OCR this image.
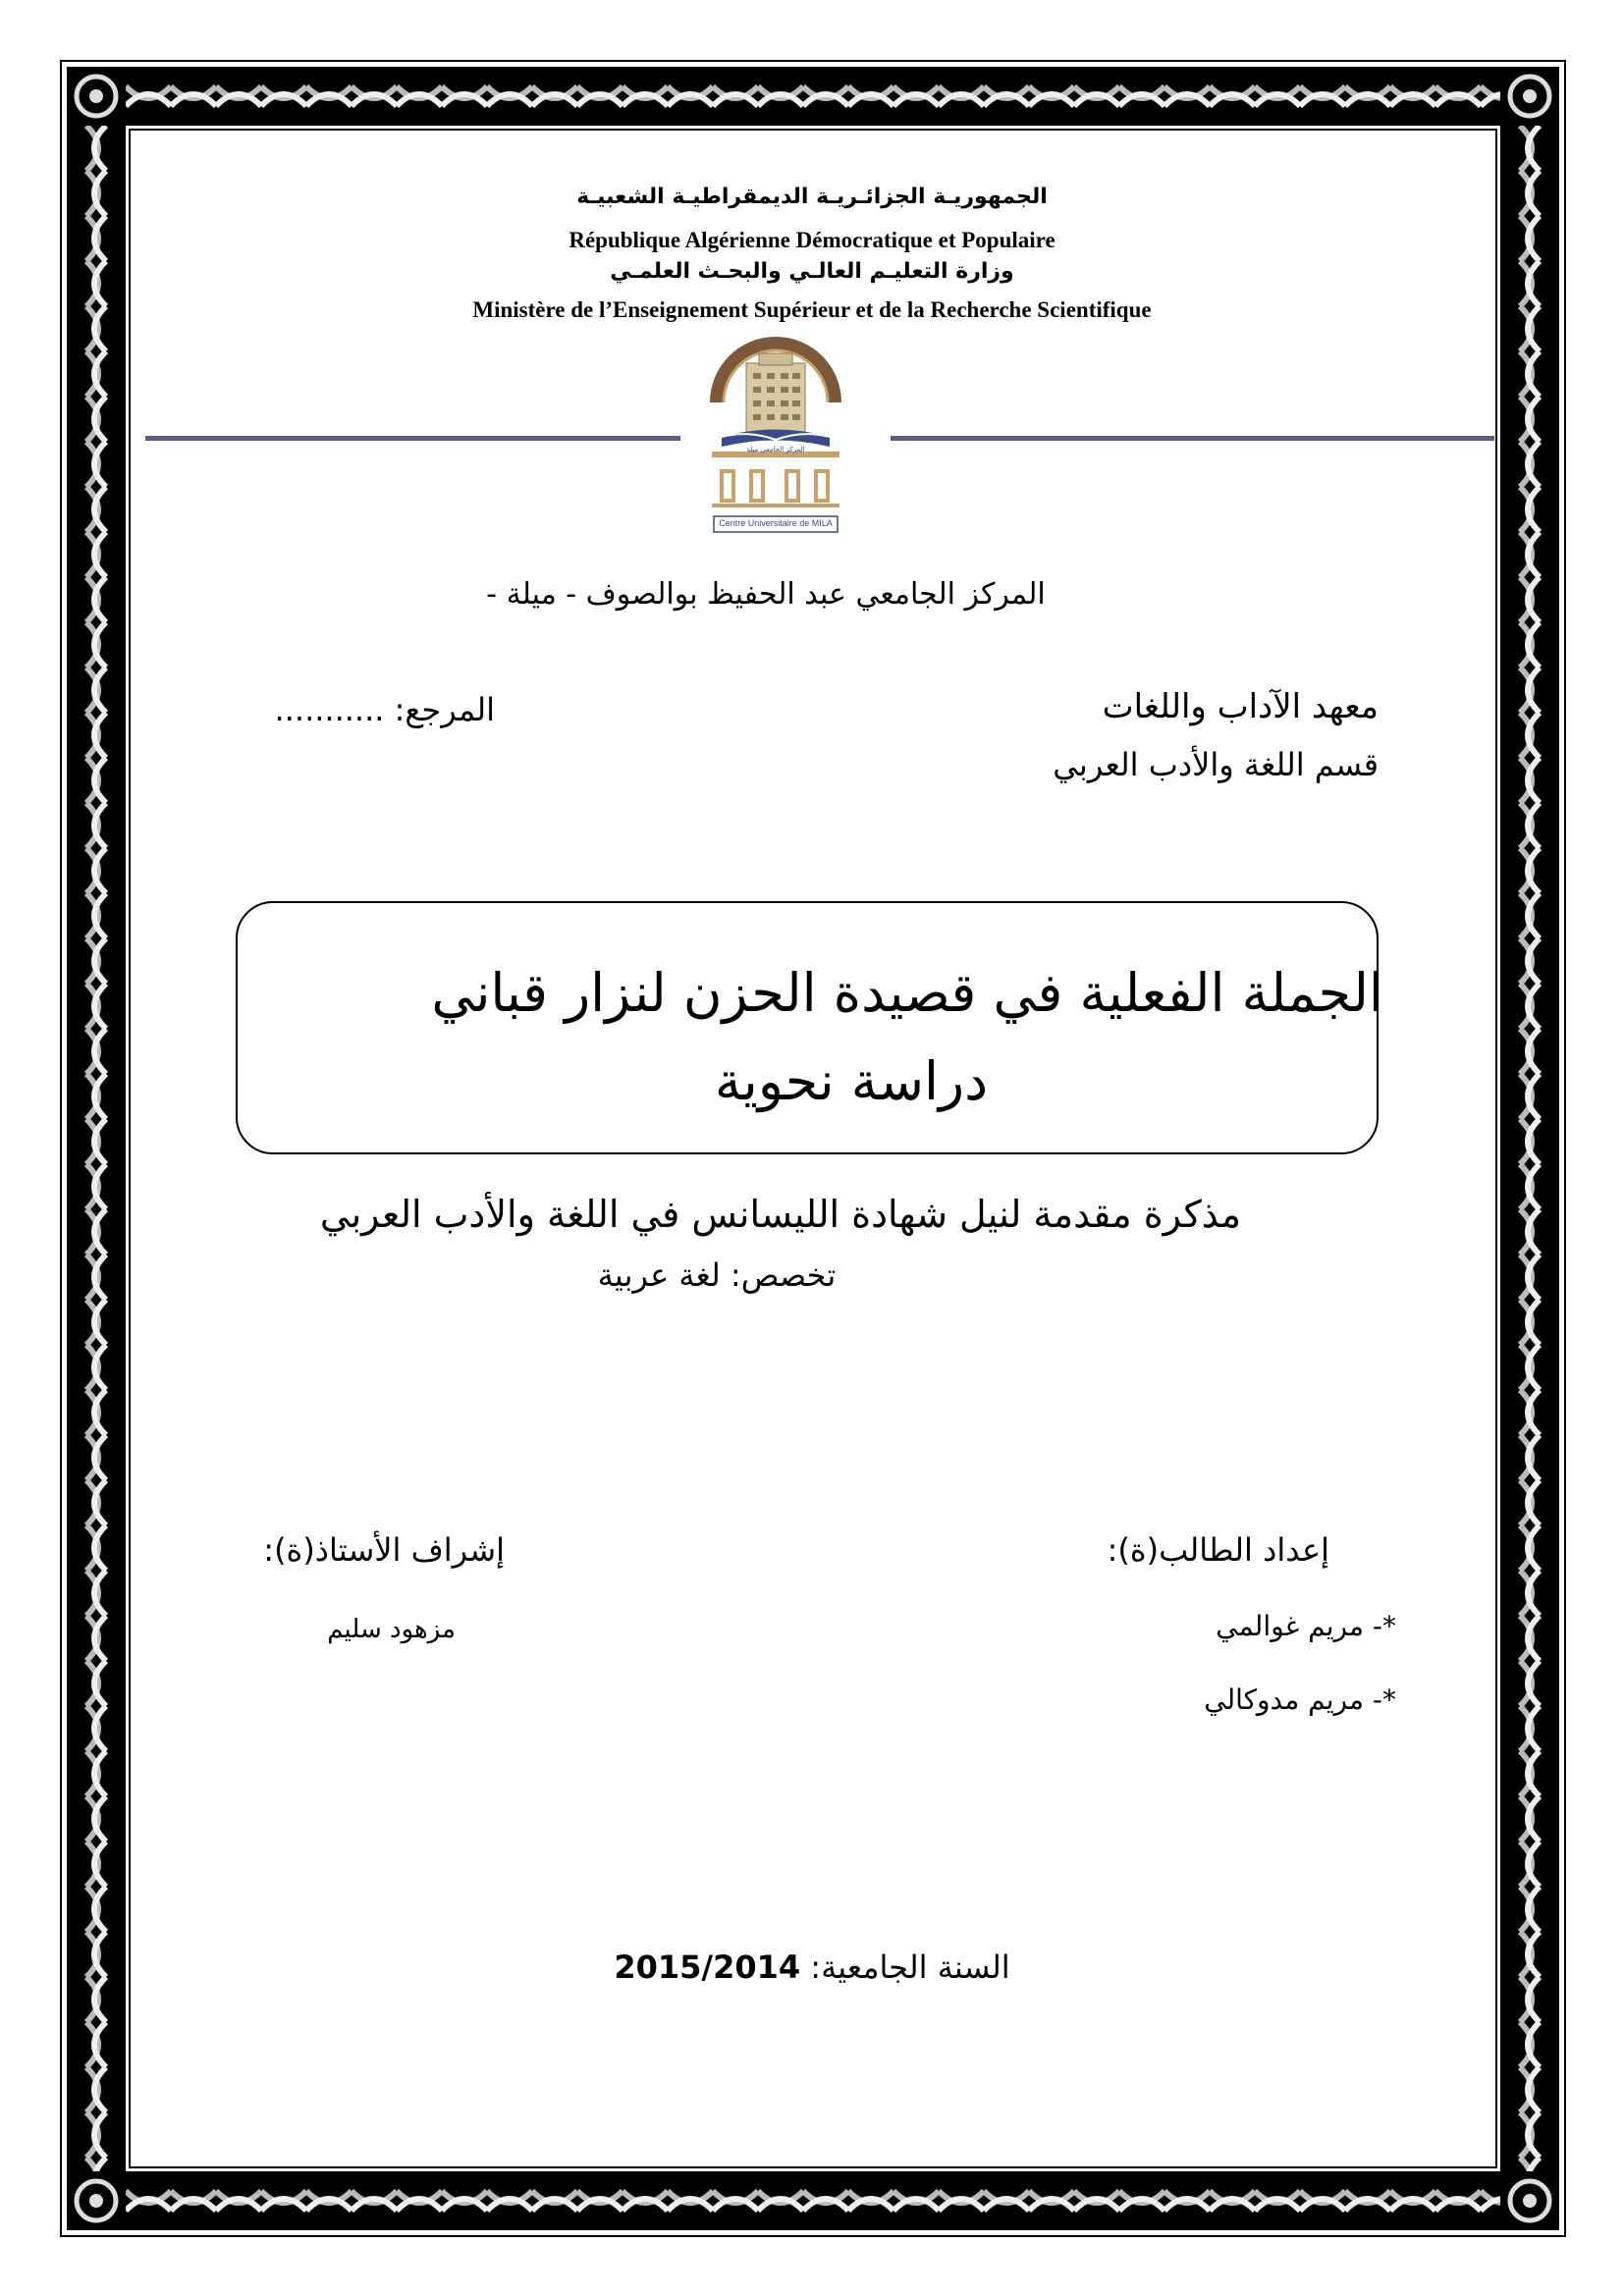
الجمهوريـة الجزائـريـة الديمقراطيـة الشعبيـة
République Algérienne Démocratique et Populaire
وزارة التعليـم العالـي والبحـث العلمـي
Ministère de l’Enseignement Supérieur et de la Recherche Scientifique
Centre Universitaire de MILA
المركز الجامعي ميلة
المركز الجامعي عبد الحفيظ بوالصوف - ميلة -
معهد الآداب واللغات
قسم اللغة والأدب العربي
المرجع: ...........
الجملة الفعلية في قصيدة الحزن لنزار قباني
دراسة نحوية
مذكرة مقدمة لنيل شهادة الليسانس في اللغة والأدب العربي
تخصص: لغة عربية
إعداد الطالب(ة):
*- مريم غوالمي
*- مريم مدوكالي
إشراف الأستاذ(ة):
مزهود سليم
السنة الجامعية: 2015/2014
